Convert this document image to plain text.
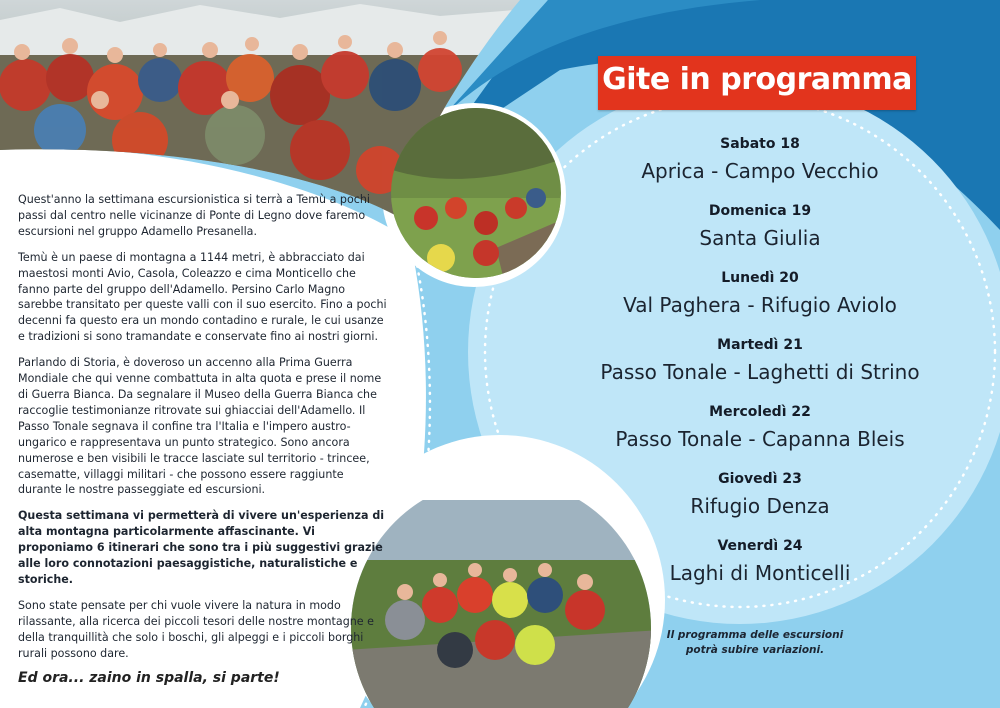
Quest'anno la settimana escursionistica si terrà a Temù a pochi passi dal centro nelle vicinanze di Ponte di Legno dove faremo escursioni nel gruppo Adamello Presanella.

Temù è un paese di montagna a 1144 metri, è abbracciato dai maestosi monti Avio, Casola, Coleazzo e cima Monticello che fanno parte del gruppo dell'Adamello. Persino Carlo Magno sarebbe transitato per queste valli con il suo esercito. Fino a pochi decenni fa questo era un mondo contadino e rurale, le cui usanze e tradizioni si sono tramandate e conservate fino ai nostri giorni.

Parlando di Storia, è doveroso un accenno alla Prima Guerra Mondiale che qui venne combattuta in alta quota e prese il nome di Guerra Bianca. Da segnalare il Museo della Guerra Bianca che raccoglie testimonianze ritrovate sui ghiacciai dell'Adamello. Il Passo Tonale segnava il confine tra l'Italia e l'impero austro-ungarico e rappresentava un punto strategico. Sono ancora numerose e ben visibili le tracce lasciate sul territorio - trincee, casematte, villaggi militari - che possono essere raggiunte durante le nostre passeggiate ed escursioni.

Questa settimana vi permetterà di vivere un'esperienza di alta montagna particolarmente affascinante. Vi proponiamo 6 itinerari che sono tra i più suggestivi grazie alle loro connotazioni paesaggistiche, naturalistiche e storiche.

Sono state pensate per chi vuole vivere la natura in modo rilassante, alla ricerca dei piccoli tesori delle nostre montagne e della tranquillità che solo i boschi, gli alpeggi e i piccoli borghi rurali possono dare.

Ed ora... zaino in spalla, si parte!

Gite in programma
Sabato 18
Aprica - Campo Vecchio
Domenica 19
Santa Giulia
Lunedì 20
Val Paghera - Rifugio Aviolo
Martedì 21
Passo Tonale - Laghetti di Strino
Mercoledì 22
Passo Tonale - Capanna Bleis
Giovedì 23
Rifugio Denza
Venerdì 24
Laghi di Monticelli
Il programma delle escursioni potrà subire variazioni.
